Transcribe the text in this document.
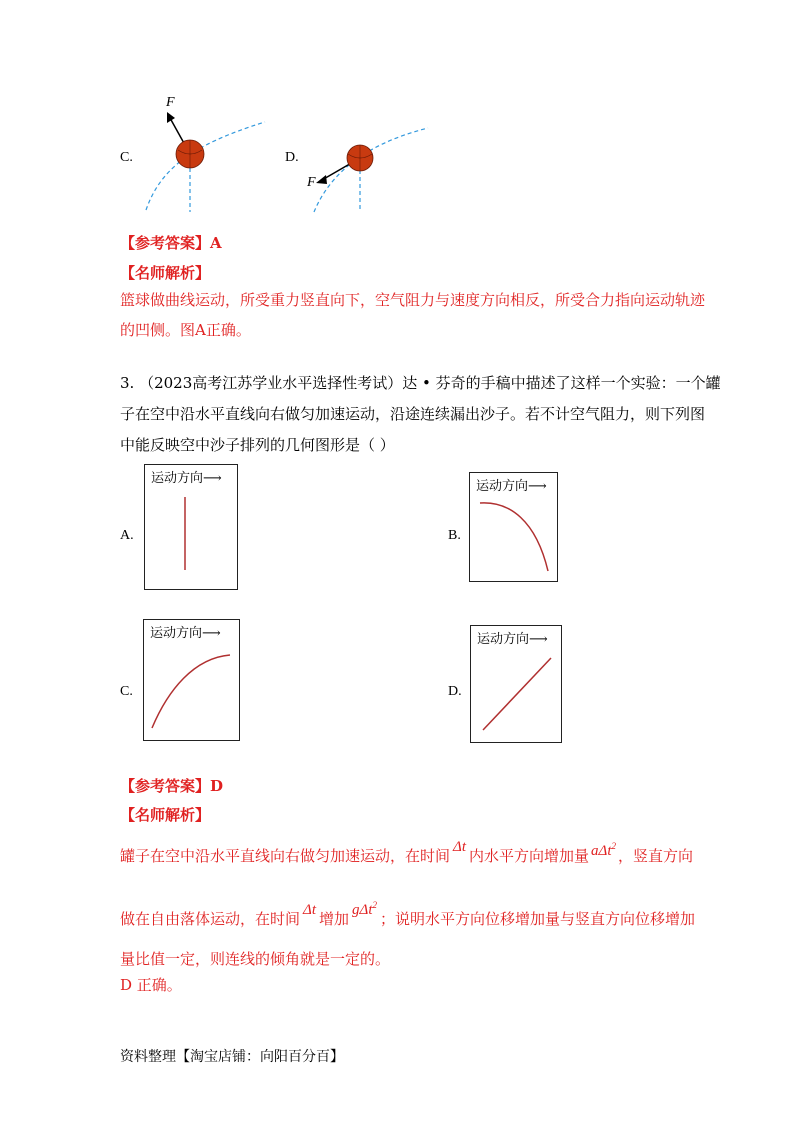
C.
F
D.
F
【参考答案】A
【名师解析】
篮球做曲线运动，所受重力竖直向下，空气阻力与速度方向相反，所受合力指向运动轨迹
的凹侧。图A正确。
3. （2023高考江苏学业水平选择性考试）达 • 芬奇的手稿中描述了这样一个实验：一个罐
子在空中沿水平直线向右做匀加速运动，沿途连续漏出沙子。若不计空气阻力，则下列图
中能反映空中沙子排列的几何图形是（ ）
A.
运动方向⟶
B.
运动方向⟶
C.
运动方向⟶
D.
运动方向⟶
【参考答案】D
【名师解析】
罐子在空中沿水平直线向右做匀加速运动，在时间 Δt 内水平方向增加量 aΔt$^2$，竖直方向
做在自由落体运动，在时间 Δt 增加 gΔt$^2$；说明水平方向位移增加量与竖直方向位移增加
量比值一定，则连线的倾角就是一定的。
D 正确。
资料整理【淘宝店铺：向阳百分百】
